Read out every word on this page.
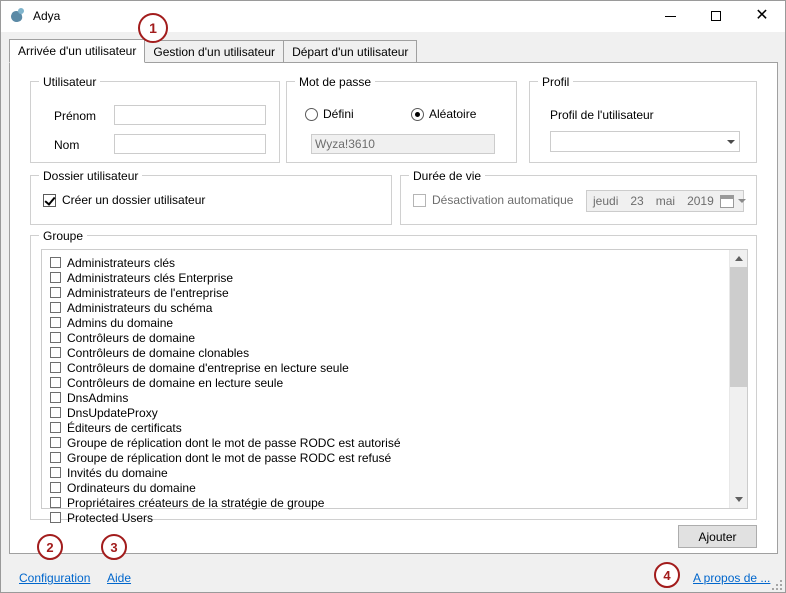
Adya	✕
Arrivée d'un utilisateur	Gestion d'un utilisateur	Départ d'un utilisateur
Utilisateur
Prénom
Nom
Mot de passe
Défini	Aléatoire
Wyza!3610
Profil
Profil de l'utilisateur
Dossier utilisateur
Créer un dossier utilisateur
Durée de vie
Désactivation automatique	jeudi	23	mai	2019
Groupe
Administrateurs clés
Administrateurs clés Enterprise
Administrateurs de l'entreprise
Administrateurs du schéma
Admins du domaine
Contrôleurs de domaine
Contrôleurs de domaine clonables
Contrôleurs de domaine d'entreprise en lecture seule
Contrôleurs de domaine en lecture seule
DnsAdmins
DnsUpdateProxy
Éditeurs de certificats
Groupe de réplication dont le mot de passe RODC est autorisé
Groupe de réplication dont le mot de passe RODC est refusé
Invités du domaine
Ordinateurs du domaine
Propriétaires créateurs de la stratégie de groupe
Protected Users
Ajouter
Configuration Aide	A propos de ...
1
2	3
4
